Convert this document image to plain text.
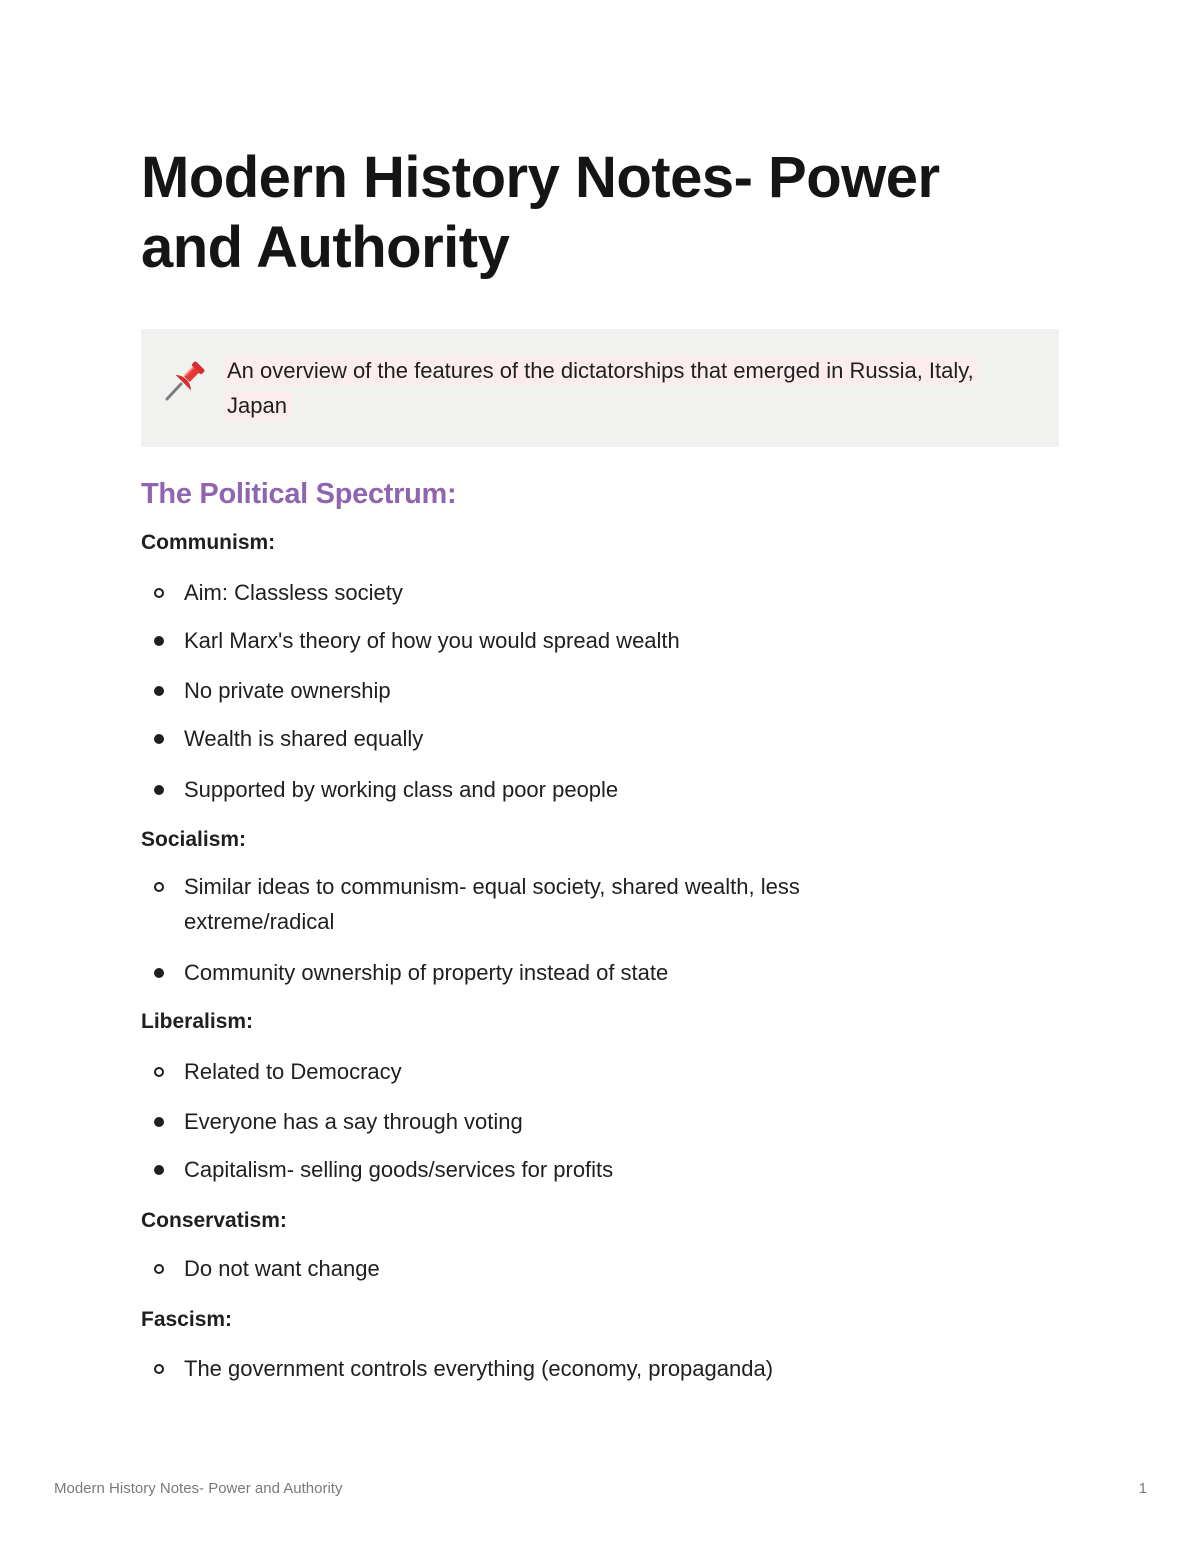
Modern History Notes- Power and Authority
An overview of the features of the dictatorships that emerged in Russia, Italy, Japan
The Political Spectrum:
Communism:
Aim: Classless society
Karl Marx's theory of how you would spread wealth
No private ownership
Wealth is shared equally
Supported by working class and poor people
Socialism:
Similar ideas to communism- equal society, shared wealth, less extreme/radical
Community ownership of property instead of state
Liberalism:
Related to Democracy
Everyone has a say through voting
Capitalism- selling goods/services for profits
Conservatism:
Do not want change
Fascism:
The government controls everything (economy, propaganda)
Modern History Notes- Power and Authority	1
